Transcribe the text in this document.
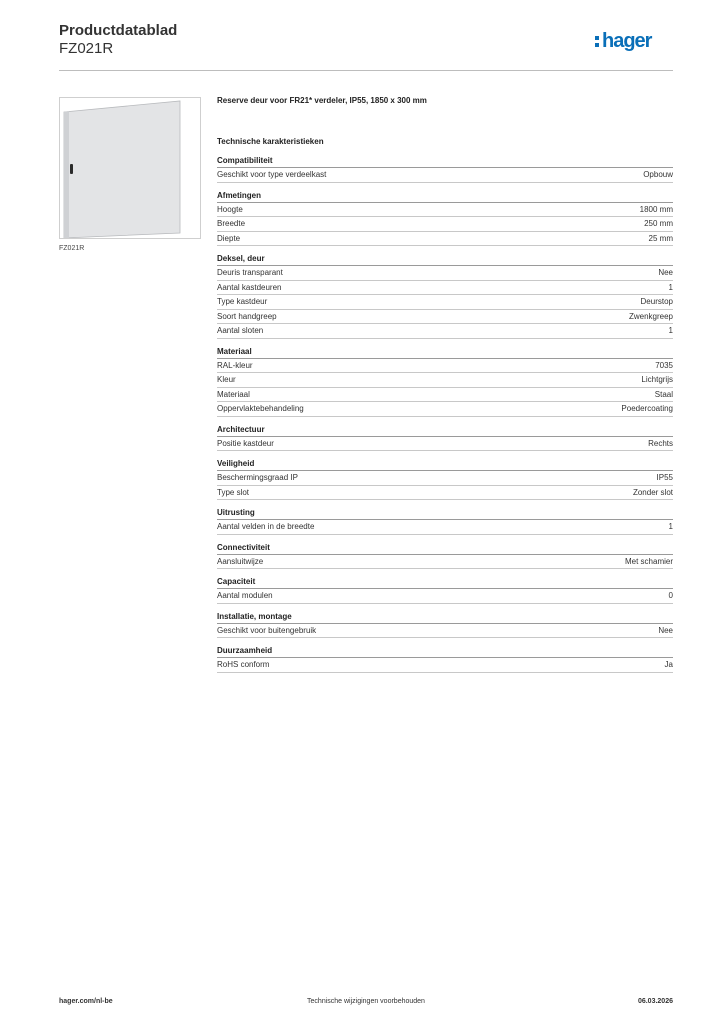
Productdatablad
FZ021R	hager
FZ021R

Reserve deur voor FR21* verdeler, IP55, 1850 x 300 mm

Technische karakteristieken
Compatibiliteit
Geschikt voor type verdeelkast	Opbouw
Afmetingen
Hoogte	1800 mm
Breedte	250 mm
Diepte	25 mm
Deksel, deur
Deuris transparant	Nee
Aantal kastdeuren	1
Type kastdeur	Deurstop
Soort handgreep	Zwenkgreep
Aantal sloten	1
Materiaal
RAL-kleur	7035
Kleur	Lichtgrijs
Materiaal	Staal
Oppervlaktebehandeling	Poedercoating
Architectuur
Positie kastdeur	Rechts
Veiligheid
Beschermingsgraad IP	IP55
Type slot	Zonder slot
Uitrusting
Aantal velden in de breedte	1
Connectiviteit
Aansluitwijze	Met schamier
Capaciteit
Aantal modulen	0
Installatie, montage
Geschikt voor buitengebruik	Nee
Duurzaamheid
RoHS conform	Ja
hager.com/nl-be	Technische wijzigingen voorbehouden	06.03.2026
